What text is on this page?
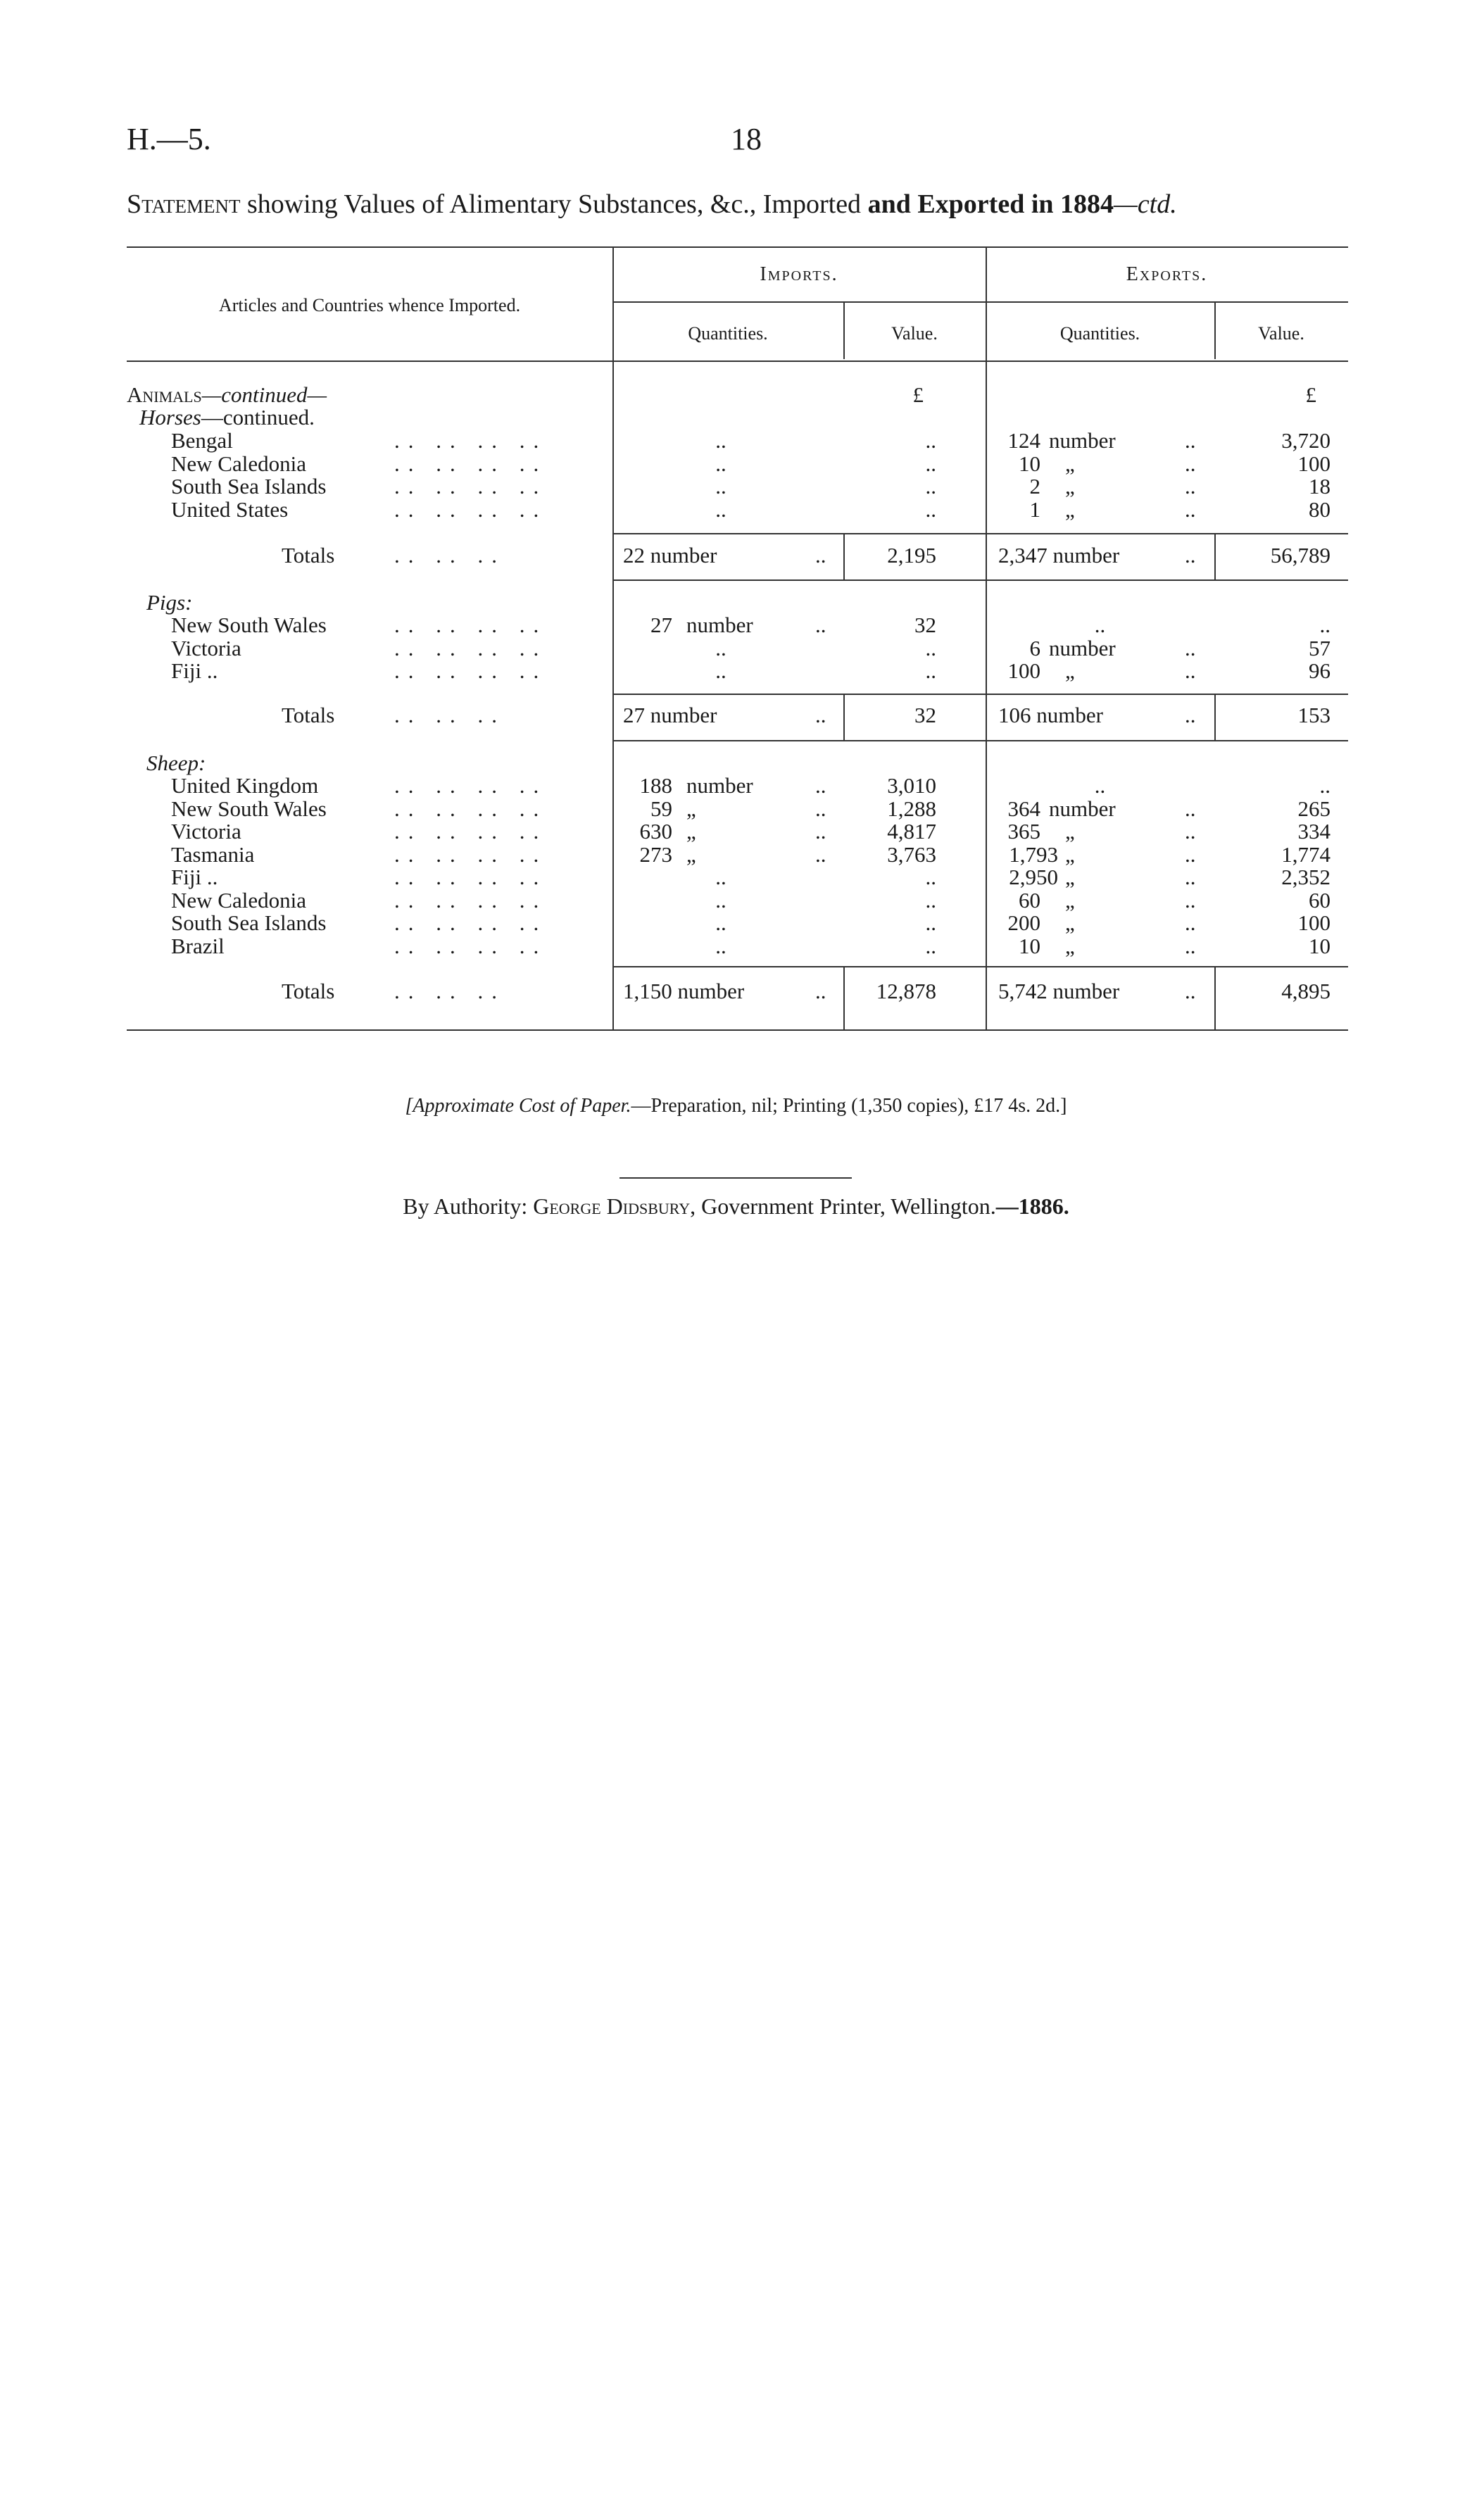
H.—5.	18
Statement showing Values of Alimentary Substances, &c., Imported and Exported in 1884—ctd.
Articles and Countries whence Imported.
Imports.	Exports.
Quantities.	Value.	Quantities.	Value.
Animals—continued—	£	£
Horses—continued.
Bengal	.. .. .. ..	..	..	124 number	..	3,720
New Caledonia	.. .. .. ..	..	..	10 „	..	100
South Sea Islands	.. .. .. ..	..	..	2 „	..	18
United States	.. .. .. ..	..	..	1 „	..	80
Totals	.. .. ..	22 number	..	2,195	2,347 number	..	56,789
Pigs:
New South Wales	.. .. .. ..	27 number	..	32	..	..
Victoria	.. .. .. ..	..	..	6 number	..	57
Fiji ..	.. .. .. ..	..	..	100 „	..	96
Totals	.. .. ..	27 number	..	32	106 number	..	153
Sheep:
United Kingdom	.. .. .. ..	188 number	..	3,010	..	..
New South Wales	.. .. .. ..	59 „	..	1,288	364 number	..	265
Victoria	.. .. .. ..	630 „	..	4,817	365 „	..	334
Tasmania	.. .. .. ..	273 „	..	3,763	1,793 „	..	1,774
Fiji ..	.. .. .. ..	..	..	2,950 „	..	2,352
New Caledonia	.. .. .. ..	..	..	60 „	..	60
South Sea Islands	.. .. .. ..	..	..	200 „	..	100
Brazil	.. .. .. ..	..	..	10 „	..	10
Totals	.. .. ..	1,150 number	..	12,878	5,742 number	..	4,895
[Approximate Cost of Paper.—Preparation, nil; Printing (1,350 copies), £17 4s. 2d.]
By Authority: George Didsbury, Government Printer, Wellington.—1886.
